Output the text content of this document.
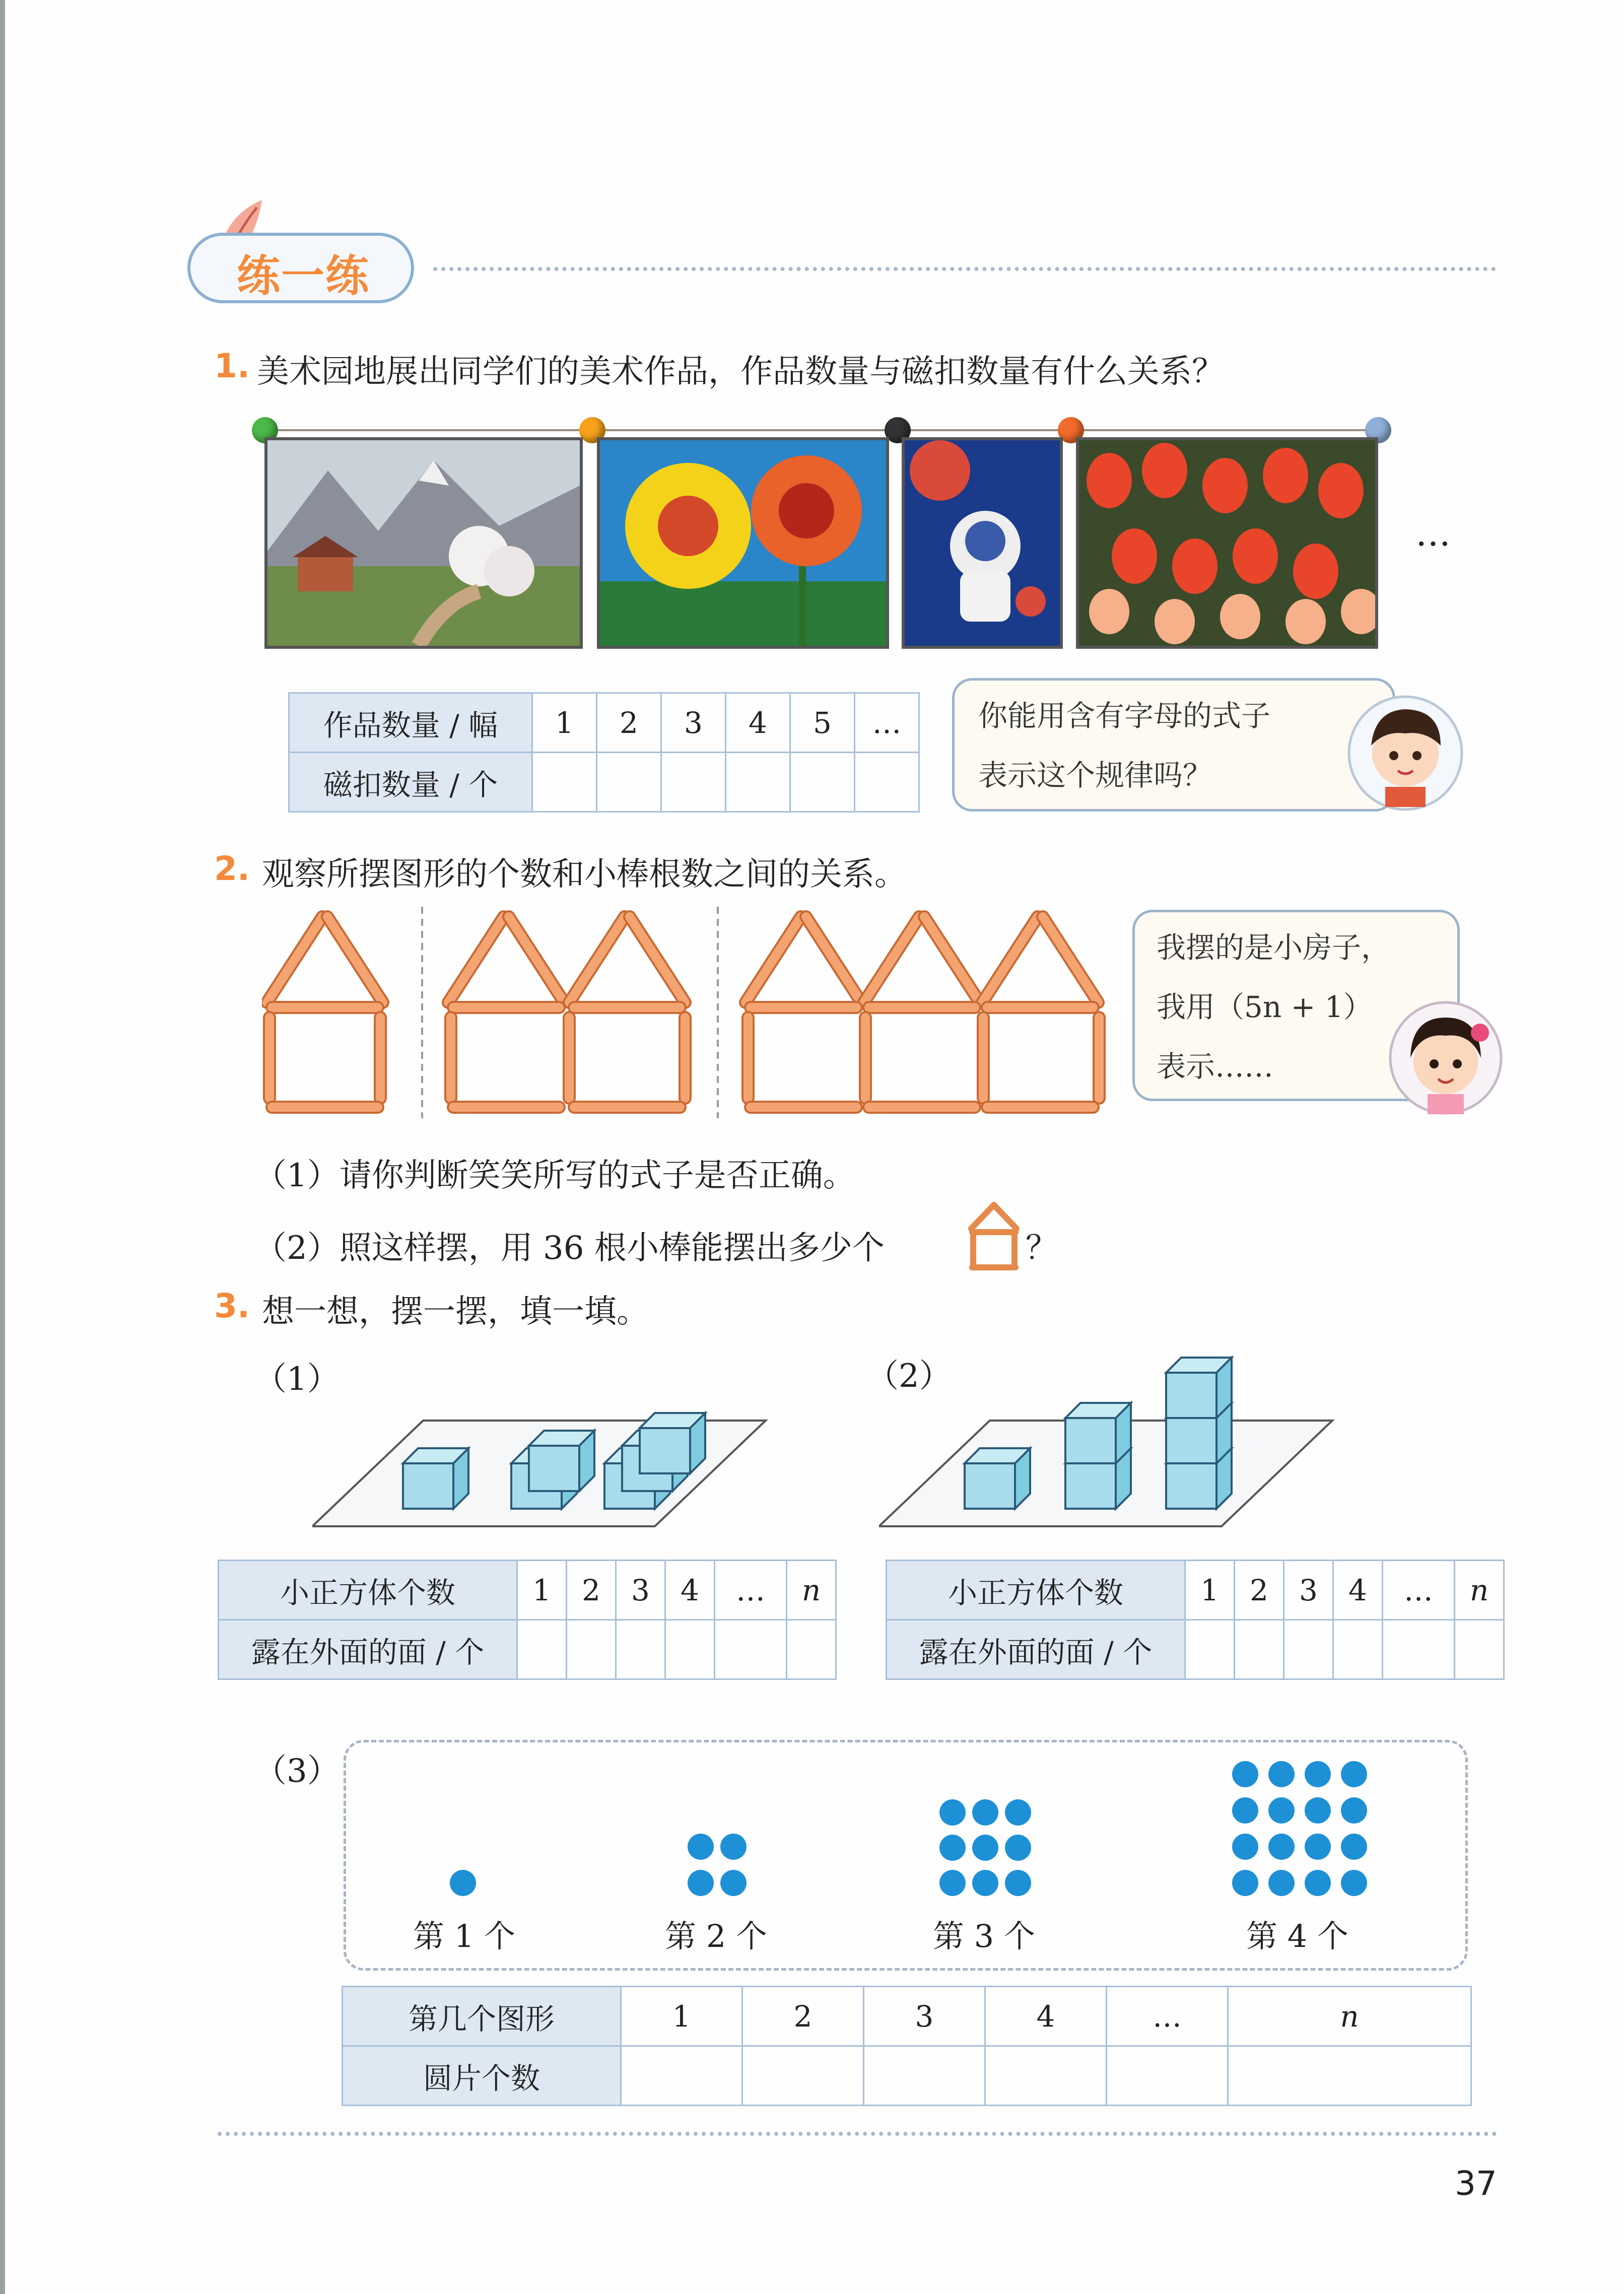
练一练
1. 美术园地展出同学们的美术作品，作品数量与磁扣数量有什么关系？
…
作品数量 / 幅	1	2	3	4	5	…
磁扣数量 / 个						
你能用含有字母的式子
表示这个规律吗？
2. 观察所摆图形的个数和小棒根数之间的关系。
我摆的是小房子，
我用（5n + 1）
表示……
（1）请你判断笑笑所写的式子是否正确。
（2）照这样摆，用 36 根小棒能摆出多少个	？
3. 想一想，摆一摆，填一填。
（1）	（2）
小正方体个数	1	2	3	4	…	n
露在外面的面 / 个						
小正方体个数	1	2	3	4	…	n
露在外面的面 / 个						
（3）
第 1 个	第 2 个	第 3 个	第 4 个
第几个图形	1	2	3	4	…	n
圆片个数						
37
